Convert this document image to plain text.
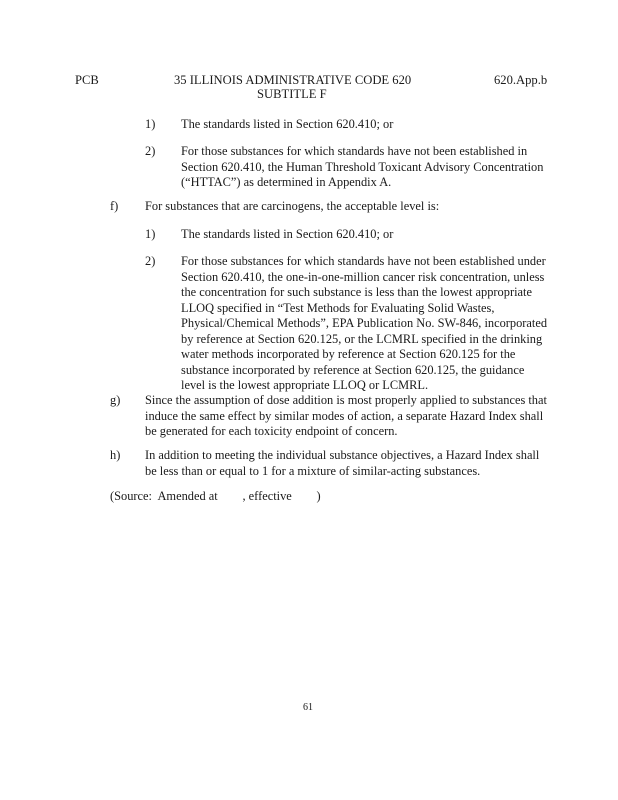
PCB	35 ILLINOIS ADMINISTRATIVE CODE 620
SUBTITLE F
620.App.b
1) The standards listed in Section 620.410; or
2) For those substances for which standards have not been established in
Section 620.410, the Human Threshold Toxicant Advisory Concentration
(“HTTAC”) as determined in Appendix A.
f) For substances that are carcinogens, the acceptable level is:
1) The standards listed in Section 620.410; or
2) For those substances for which standards have not been established under
Section 620.410, the one-in-one-million cancer risk concentration, unless
the concentration for such substance is less than the lowest appropriate
LLOQ specified in “Test Methods for Evaluating Solid Wastes,
Physical/Chemical Methods”, EPA Publication No. SW-846, incorporated
by reference at Section 620.125, or the LCMRL specified in the drinking
water methods incorporated by reference at Section 620.125 for the
substance incorporated by reference at Section 620.125, the guidance
level is the lowest appropriate LLOQ or LCMRL.
g) Since the assumption of dose addition is most properly applied to substances that
induce the same effect by similar modes of action, a separate Hazard Index shall
be generated for each toxicity endpoint of concern.
h) In addition to meeting the individual substance objectives, a Hazard Index shall
be less than or equal to 1 for a mixture of similar-acting substances.
(Source:  Amended at        , effective        )
61
